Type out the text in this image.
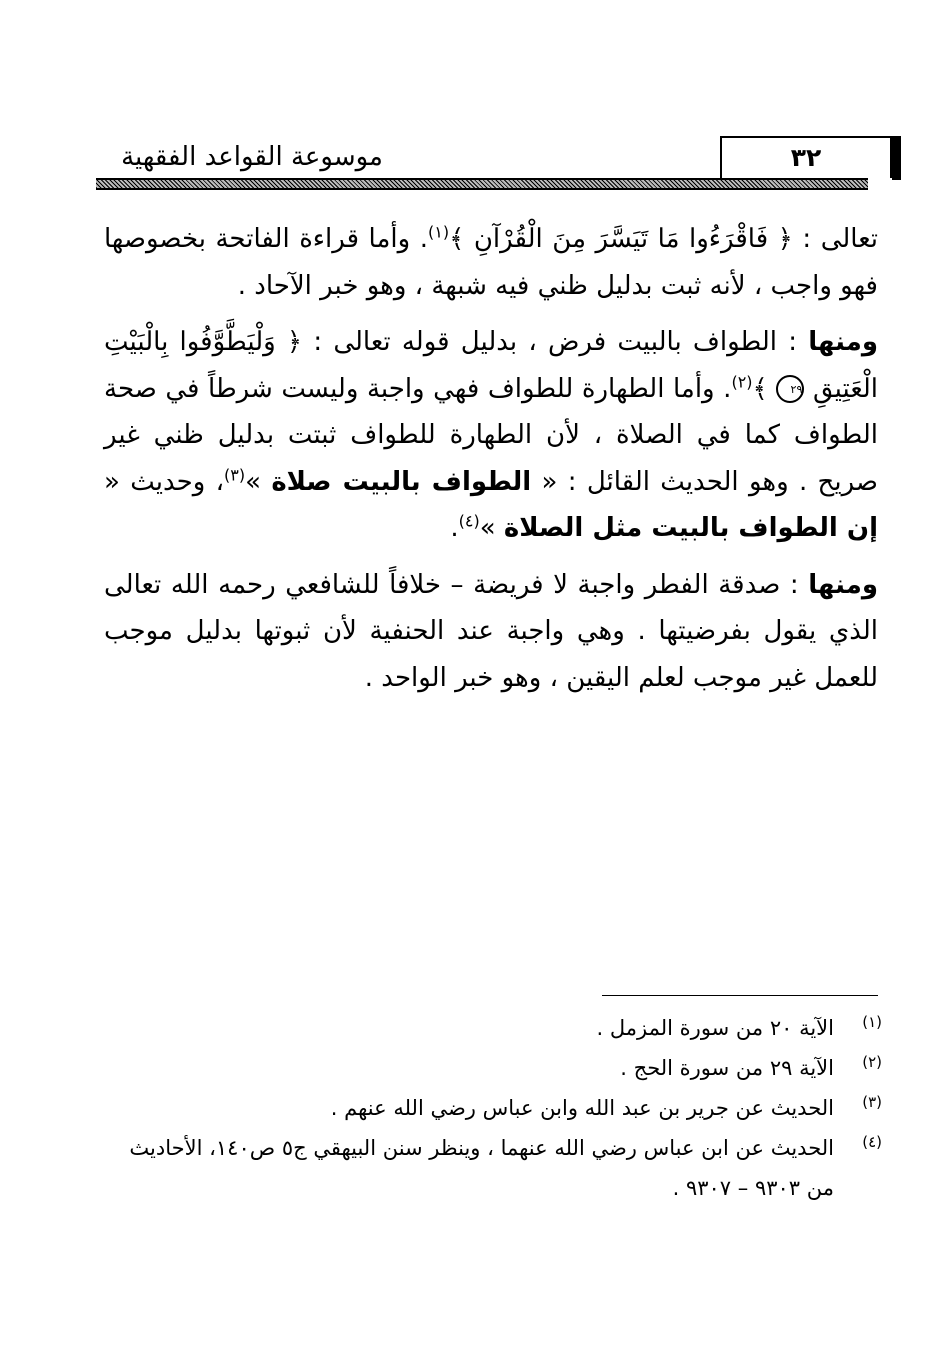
موسوعة القواعد الفقهية	٣٢

تعالى : ﴿ فَاقْرَءُوا مَا تَيَسَّرَ مِنَ الْقُرْآنِ ﴾$^{(١)}$. وأما قراءة الفاتحة بخصوصها فهو واجب ، لأنه ثبت بدليل ظني فيه شبهة ، وهو خبر الآحاد .

ومنها : الطواف بالبيت فرض ، بدليل قوله تعالى : ﴿ وَلْيَطَّوَّفُوا بِالْبَيْتِ الْعَتِيقِ ٢٩ ﴾$^{(٢)}$. وأما الطهارة للطواف فهي واجبة وليست شرطاً في صحة الطواف كما في الصلاة ، لأن الطهارة للطواف ثبتت بدليل ظني غير صريح . وهو الحديث القائل : « الطواف بالبيت صلاة »$^{(٣)}$، وحديث « إن الطواف بالبيت مثل الصلاة »$^{(٤)}$.

ومنها : صدقة الفطر واجبة لا فريضة – خلافاً للشافعي رحمه الله تعالى الذي يقول بفرضيتها . وهي واجبة عند الحنفية لأن ثبوتها بدليل موجب للعمل غير موجب لعلم اليقين ، وهو خبر الواحد .

(١)
الآية ٢٠ من سورة المزمل .

(٢)
الآية ٢٩ من سورة الحج .

(٣)
الحديث عن جرير بن عبد الله وابن عباس رضي الله عنهم .

(٤)
الحديث عن ابن عباس رضي الله عنهما ، وينظر سنن البيهقي ج٥ ص١٤٠، الأحاديث من ٩٣٠٣ – ٩٣٠٧ .
